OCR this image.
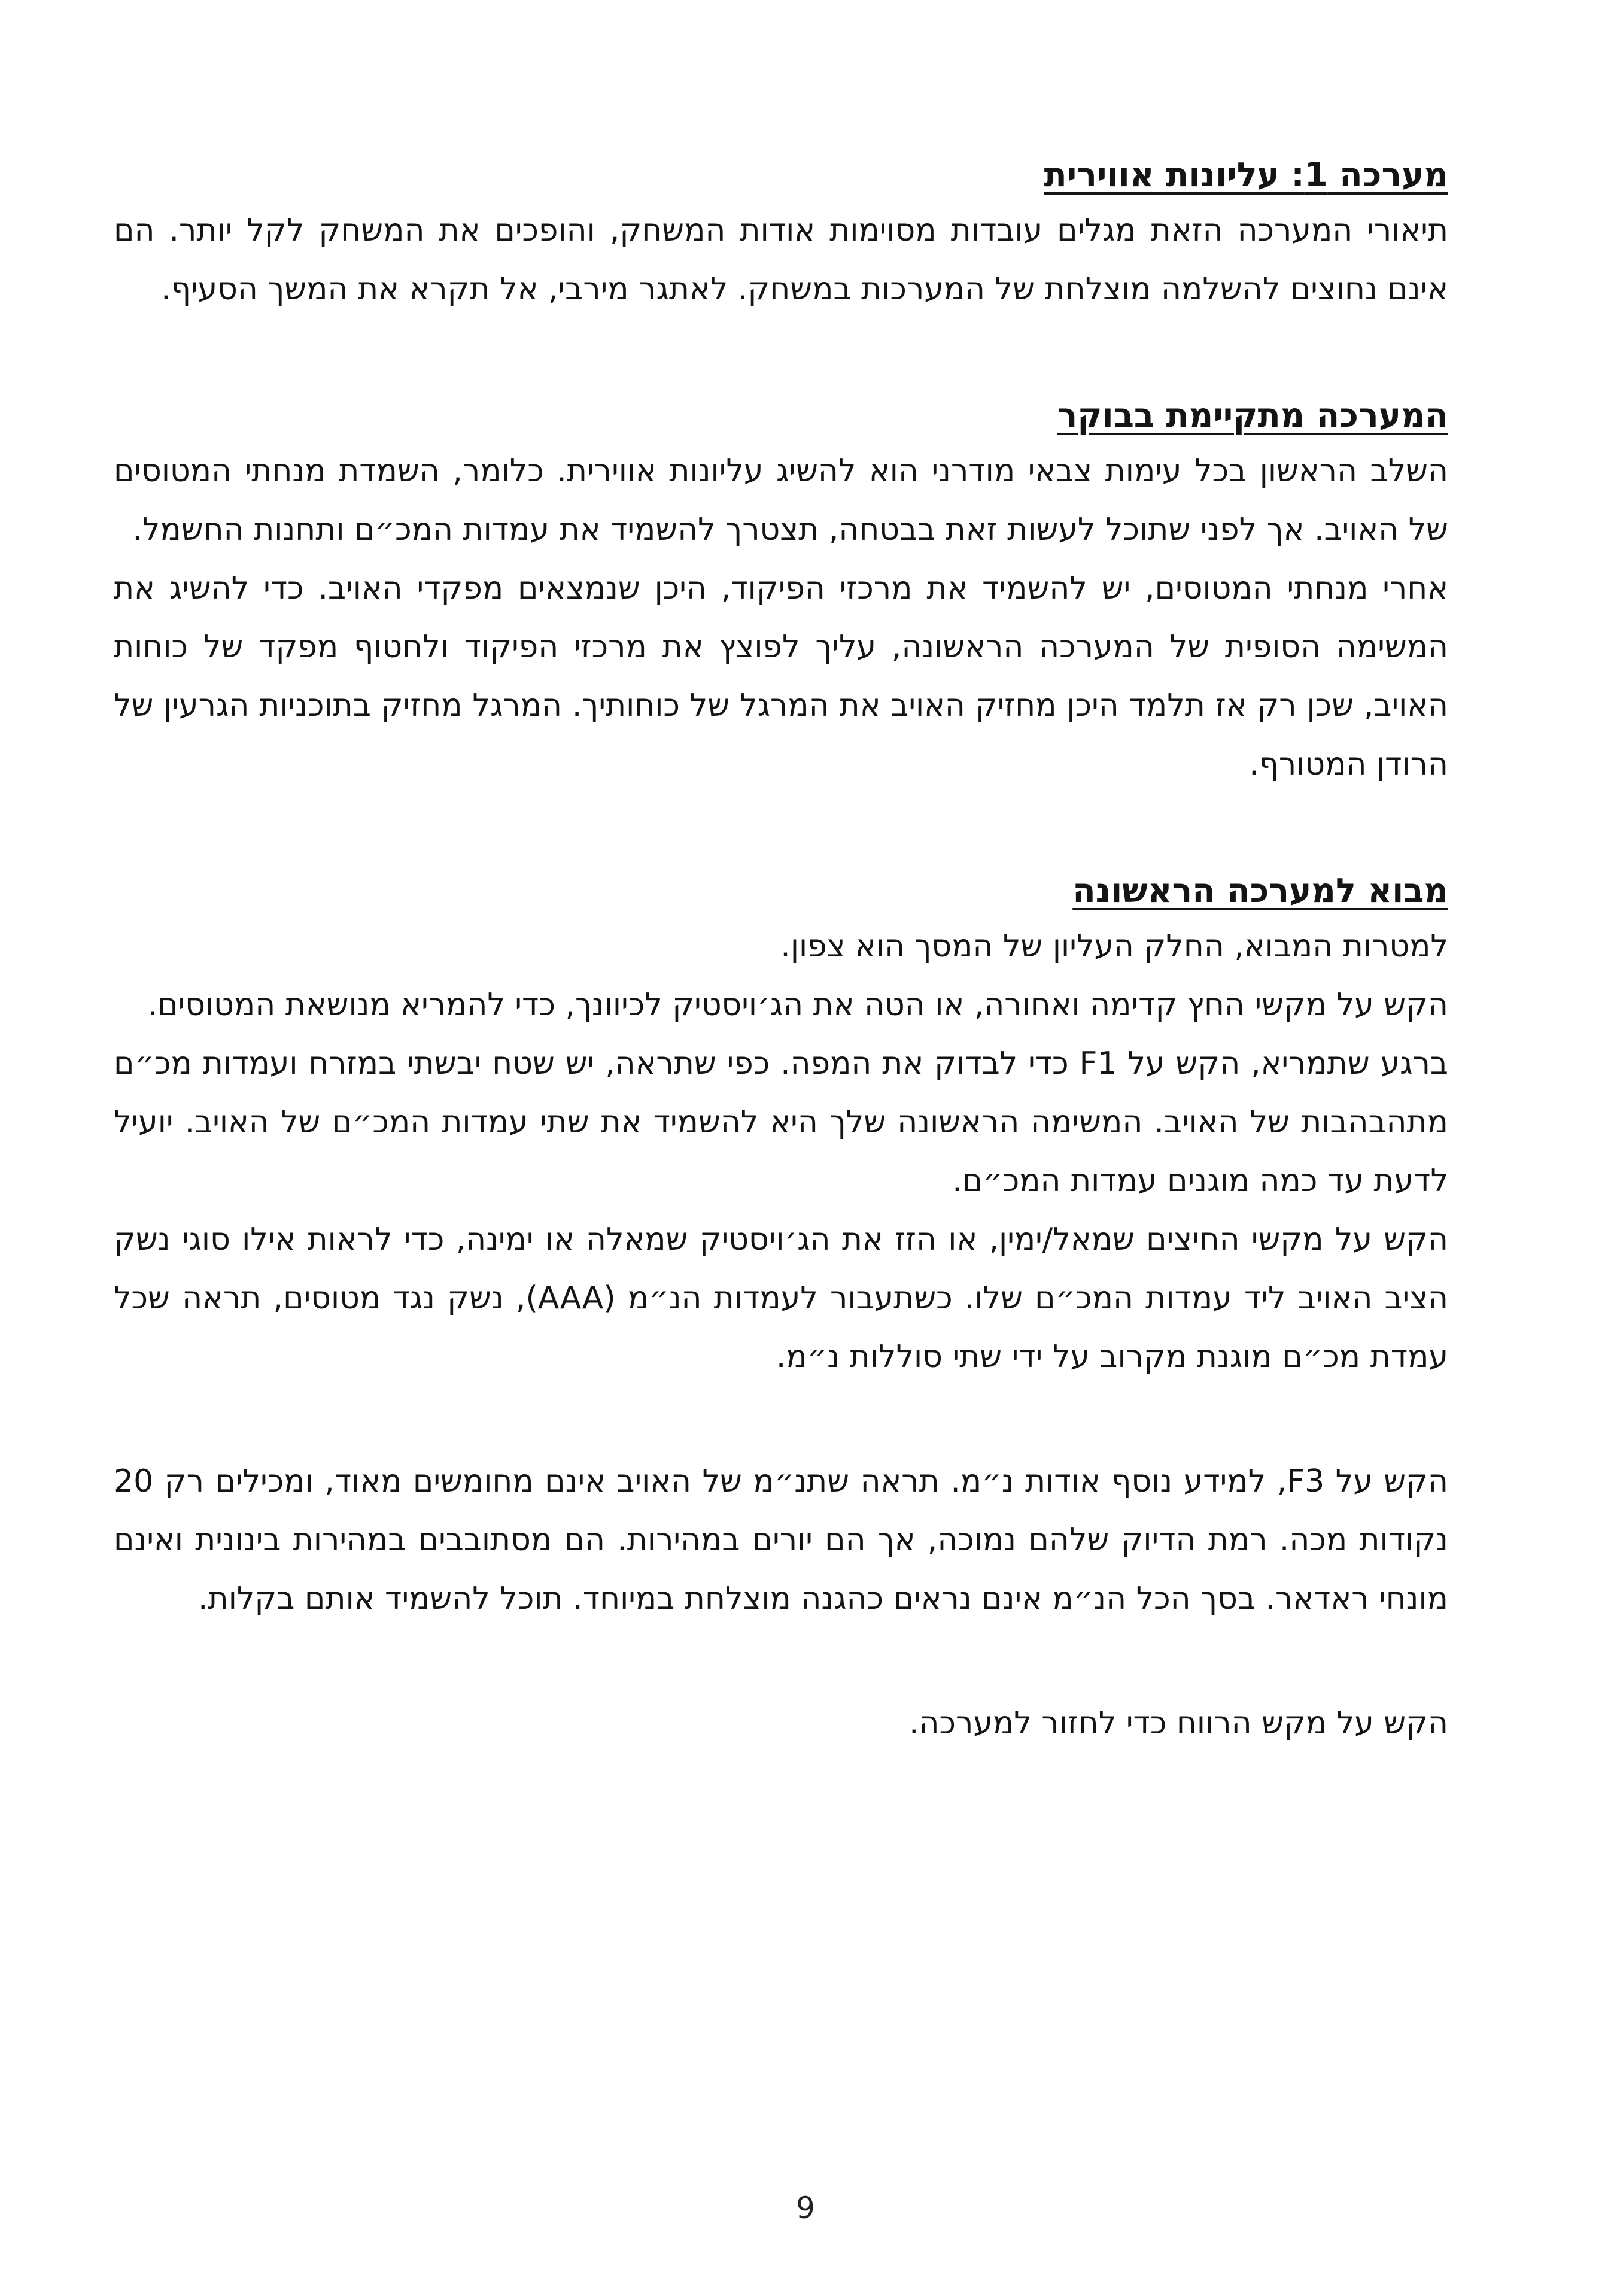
מערכה 1: עליונות אווירית

תיאורי המערכה הזאת מגלים עובדות מסוימות אודות המשחק, והופכים את המשחק לקל יותר. הם אינם נחוצים להשלמה מוצלחת של המערכות במשחק. לאתגר מירבי, אל תקרא את המשך הסעיף.

המערכה מתקיימת בבוקר

השלב הראשון בכל עימות צבאי מודרני הוא להשיג עליונות אווירית. כלומר, השמדת מנחתי המטוסים של האויב. אך לפני שתוכל לעשות זאת בבטחה, תצטרך להשמיד את עמדות המכ״ם ותחנות החשמל.

אחרי מנחתי המטוסים, יש להשמיד את מרכזי הפיקוד, היכן שנמצאים מפקדי האויב. כדי להשיג את המשימה הסופית של המערכה הראשונה, עליך לפוצץ את מרכזי הפיקוד ולחטוף מפקד של כוחות האויב, שכן רק אז תלמד היכן מחזיק האויב את המרגל של כוחותיך. המרגל מחזיק בתוכניות הגרעין של הרודן המטורף.

מבוא למערכה הראשונה

למטרות המבוא, החלק העליון של המסך הוא צפון.

הקש על מקשי החץ קדימה ואחורה, או הטה את הג׳ויסטיק לכיוונך, כדי להמריא מנושאת המטוסים.

ברגע שתמריא, הקש על F1 כדי לבדוק את המפה. כפי שתראה, יש שטח יבשתי במזרח ועמדות מכ״ם מתהבהבות של האויב. המשימה הראשונה שלך היא להשמיד את שתי עמדות המכ״ם של האויב. יועיל לדעת עד כמה מוגנים עמדות המכ״ם.

הקש על מקשי החיצים שמאל/ימין, או הזז את הג׳ויסטיק שמאלה או ימינה, כדי לראות אילו סוגי נשק הציב האויב ליד עמדות המכ״ם שלו. כשתעבור לעמדות הנ״מ (AAA), נשק נגד מטוסים, תראה שכל עמדת מכ״ם מוגנת מקרוב על ידי שתי סוללות נ״מ.

הקש על F3, למידע נוסף אודות נ״מ. תראה שתנ״מ של האויב אינם מחומשים מאוד, ומכילים רק 20 נקודות מכה. רמת הדיוק שלהם נמוכה, אך הם יורים במהירות. הם מסתובבים במהירות בינונית ואינם מונחי ראדאר. בסך הכל הנ״מ אינם נראים כהגנה מוצלחת במיוחד. תוכל להשמיד אותם בקלות.

הקש על מקש הרווח כדי לחזור למערכה.

9
